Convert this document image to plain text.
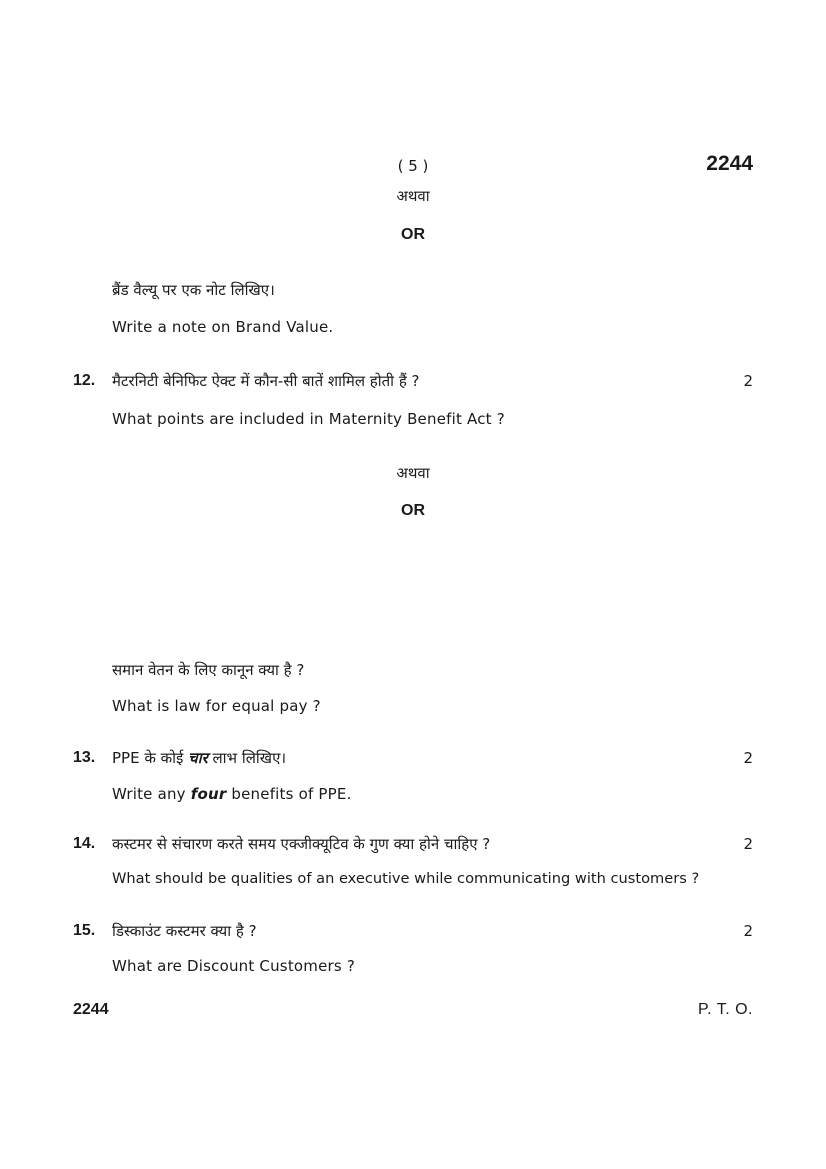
( 5 )	2244
अथवा
OR
ब्रैंड वैल्यू पर एक नोट लिखिए।
Write a note on Brand Value.
12. मैटरनिटी बेनिफिट ऐक्ट में कौन-सी बातें शामिल होती हैं ?	2
What points are included in Maternity Benefit Act ?
अथवा
OR
समान वेतन के लिए कानून क्या है ?
What is law for equal pay ?
13. PPE के कोई चार लाभ लिखिए।	2
Write any four benefits of PPE.
14. कस्टमर से संचारण करते समय एक्जीक्यूटिव के गुण क्या होने चाहिए ?	2
What should be qualities of an executive while communicating with customers ?
15. डिस्काउंट कस्टमर क्या है ?	2
What are Discount Customers ?
2244	P. T. O.
